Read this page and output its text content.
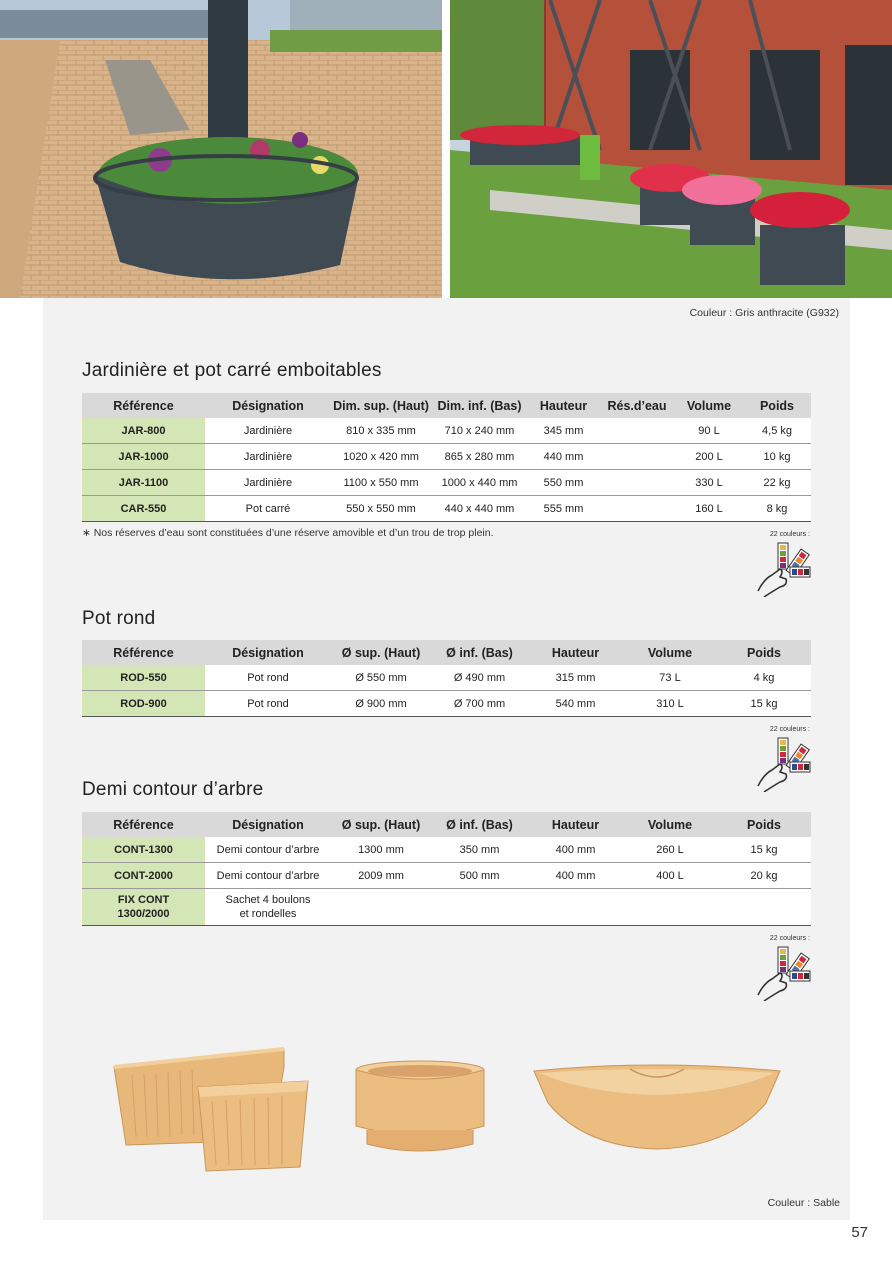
Couleur : Gris anthracite (G932)
Jardinière et pot carré emboitables
Référence	Désignation	Dim. sup. (Haut)	Dim. inf. (Bas)	Hauteur	Rés.d’eau	Volume	Poids
JAR-800	Jardinière	810 x 335 mm	710 x 240 mm	345 mm		90 L	4,5 kg
JAR-1000	Jardinière	1020 x 420 mm	865 x 280 mm	440 mm		200 L	10 kg
JAR-1100	Jardinière	1100 x 550 mm	1000 x 440 mm	550 mm		330 L	22 kg
CAR-550	Pot carré	550 x 550 mm	440 x 440 mm	555 mm		160 L	8 kg
∗ Nos réserves d’eau sont constituées d’une réserve amovible et d’un trou de trop plein.	22 couleurs :
Pot rond
Référence	Désignation	Ø sup. (Haut)	Ø inf. (Bas)	Hauteur	Volume	Poids
ROD-550	Pot rond	Ø 550 mm	Ø 490 mm	315 mm	73 L	4 kg
ROD-900	Pot rond	Ø 900 mm	Ø 700 mm	540 mm	310 L	15 kg
22 couleurs :
Demi contour d’arbre
Référence	Désignation	Ø sup. (Haut)	Ø inf. (Bas)	Hauteur	Volume	Poids
CONT-1300	Demi contour d’arbre	1300 mm	350 mm	400 mm	260 L	15 kg
CONT-2000	Demi contour d’arbre	2009 mm	500 mm	400 mm	400 L	20 kg
FIX CONT
1300/2000	Sachet 4 boulons
et rondelles					
22 couleurs :
Couleur : Sable
57
